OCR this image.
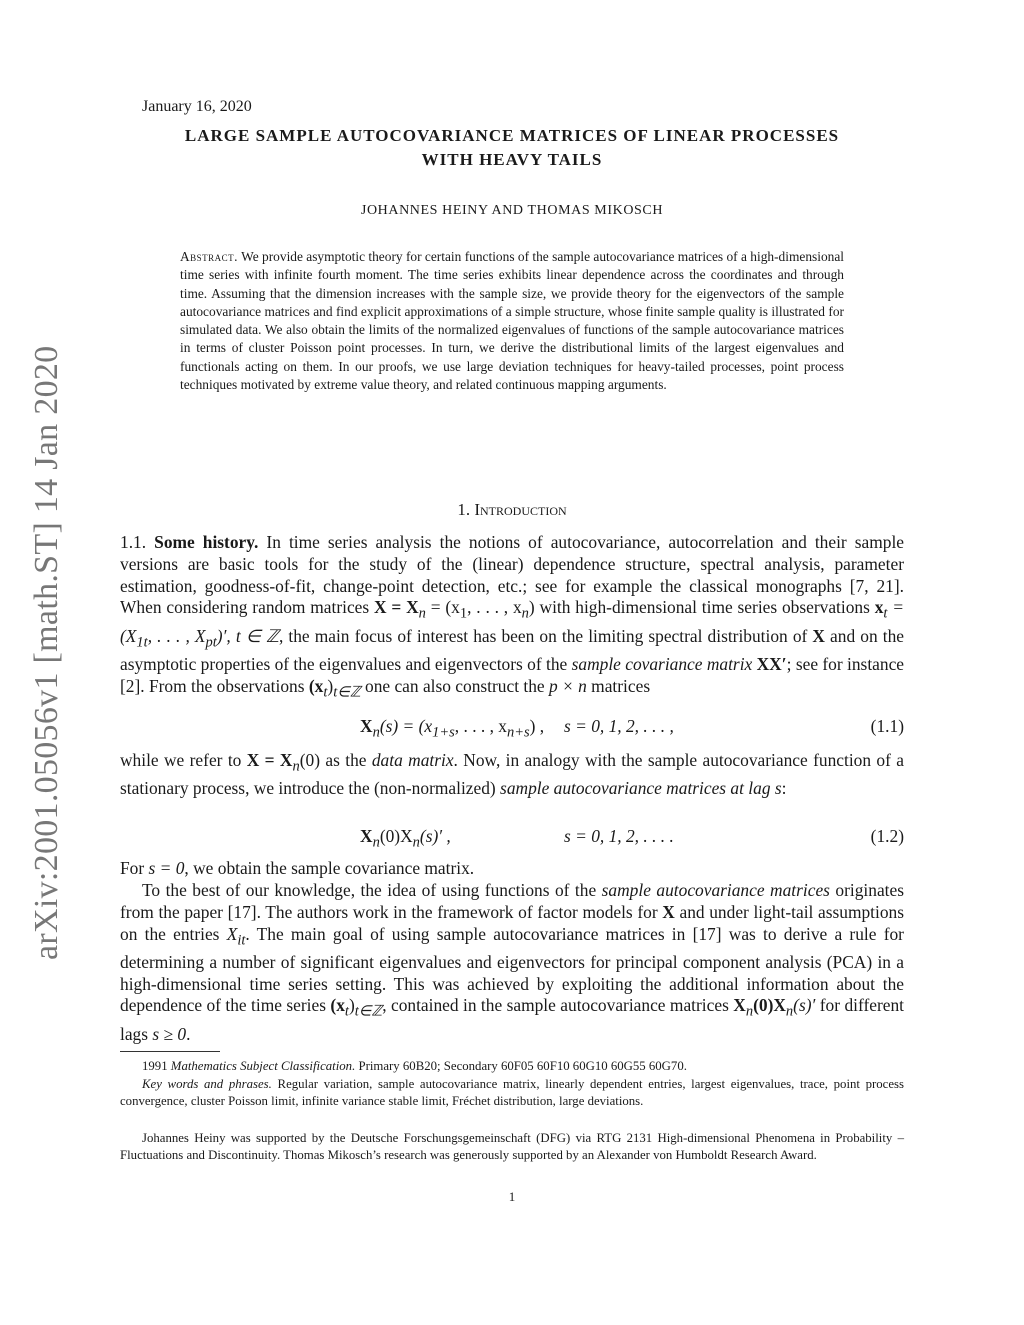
arXiv:2001.05056v1 [math.ST] 14 Jan 2020
January 16, 2020
LARGE SAMPLE AUTOCOVARIANCE MATRICES OF LINEAR PROCESSES
WITH HEAVY TAILS
JOHANNES HEINY AND THOMAS MIKOSCH
Abstract. We provide asymptotic theory for certain functions of the sample autocovariance matrices of a high-dimensional time series with infinite fourth moment. The time series exhibits linear dependence across the coordinates and through time. Assuming that the dimension increases with the sample size, we provide theory for the eigenvectors of the sample autocovariance matrices and find explicit approximations of a simple structure, whose finite sample quality is illustrated for simulated data. We also obtain the limits of the normalized eigenvalues of functions of the sample autocovariance matrices in terms of cluster Poisson point processes. In turn, we derive the distributional limits of the largest eigenvalues and functionals acting on them. In our proofs, we use large deviation techniques for heavy-tailed processes, point process techniques motivated by extreme value theory, and related continuous mapping arguments.
1. Introduction
1.1. Some history. In time series analysis the notions of autocovariance, autocorrelation and their sample versions are basic tools for the study of the (linear) dependence structure, spectral analysis, parameter estimation, goodness-of-fit, change-point detection, etc.; see for example the classical monographs [7, 21]. When considering random matrices $X = X_n = (x_1$, . . . , $x_n$) with high-dimensional time series observations $x_t = (X_{1t}$, . . . , $X_{pt})'$, t ∈ ℤ, the main focus of interest has been on the limiting spectral distribution of X and on the asymptotic properties of the eigenvalues and eigenvectors of the sample covariance matrix XX′; see for instance [2]. From the observations $(x_t)_{t\in ℤ}$ one can also construct the p × n matrices
$X_n(s) = (x_{1+s}$, . . . , $x_{n+s}$) , s = 0, 1, 2, . . . ,	(1.1)
while we refer to $X = X_n(0)$ as the data matrix. Now, in analogy with the sample autocovariance function of a stationary process, we introduce the (non-normalized) sample autocovariance matrices at lag s:
$X_n(0)X_n(s)'$ ,	s = 0, 1, 2, . . . .	(1.2)
For s = 0, we obtain the sample covariance matrix.
To the best of our knowledge, the idea of using functions of the sample autocovariance matrices originates from the paper [17]. The authors work in the framework of factor models for X and under light-tail assumptions on the entries $X_{it}$. The main goal of using sample autocovariance matrices in [17] was to derive a rule for determining a number of significant eigenvalues and eigenvectors for principal component analysis (PCA) in a high-dimensional time series setting. This was achieved by exploiting the additional information about the dependence of the time series $(x_t)_{t\in ℤ}$, contained in the sample autocovariance matrices $X_n(0)X_n(s)'$ for different lags s ≥ 0.
1991 Mathematics Subject Classification. Primary 60B20; Secondary 60F05 60F10 60G10 60G55 60G70.
Key words and phrases. Regular variation, sample autocovariance matrix, linearly dependent entries, largest eigenvalues, trace, point process convergence, cluster Poisson limit, infinite variance stable limit, Fréchet distribution, large deviations.
Johannes Heiny was supported by the Deutsche Forschungsgemeinschaft (DFG) via RTG 2131 High-dimensional Phenomena in Probability – Fluctuations and Discontinuity. Thomas Mikosch’s research was generously supported by an Alexander von Humboldt Research Award.
1
